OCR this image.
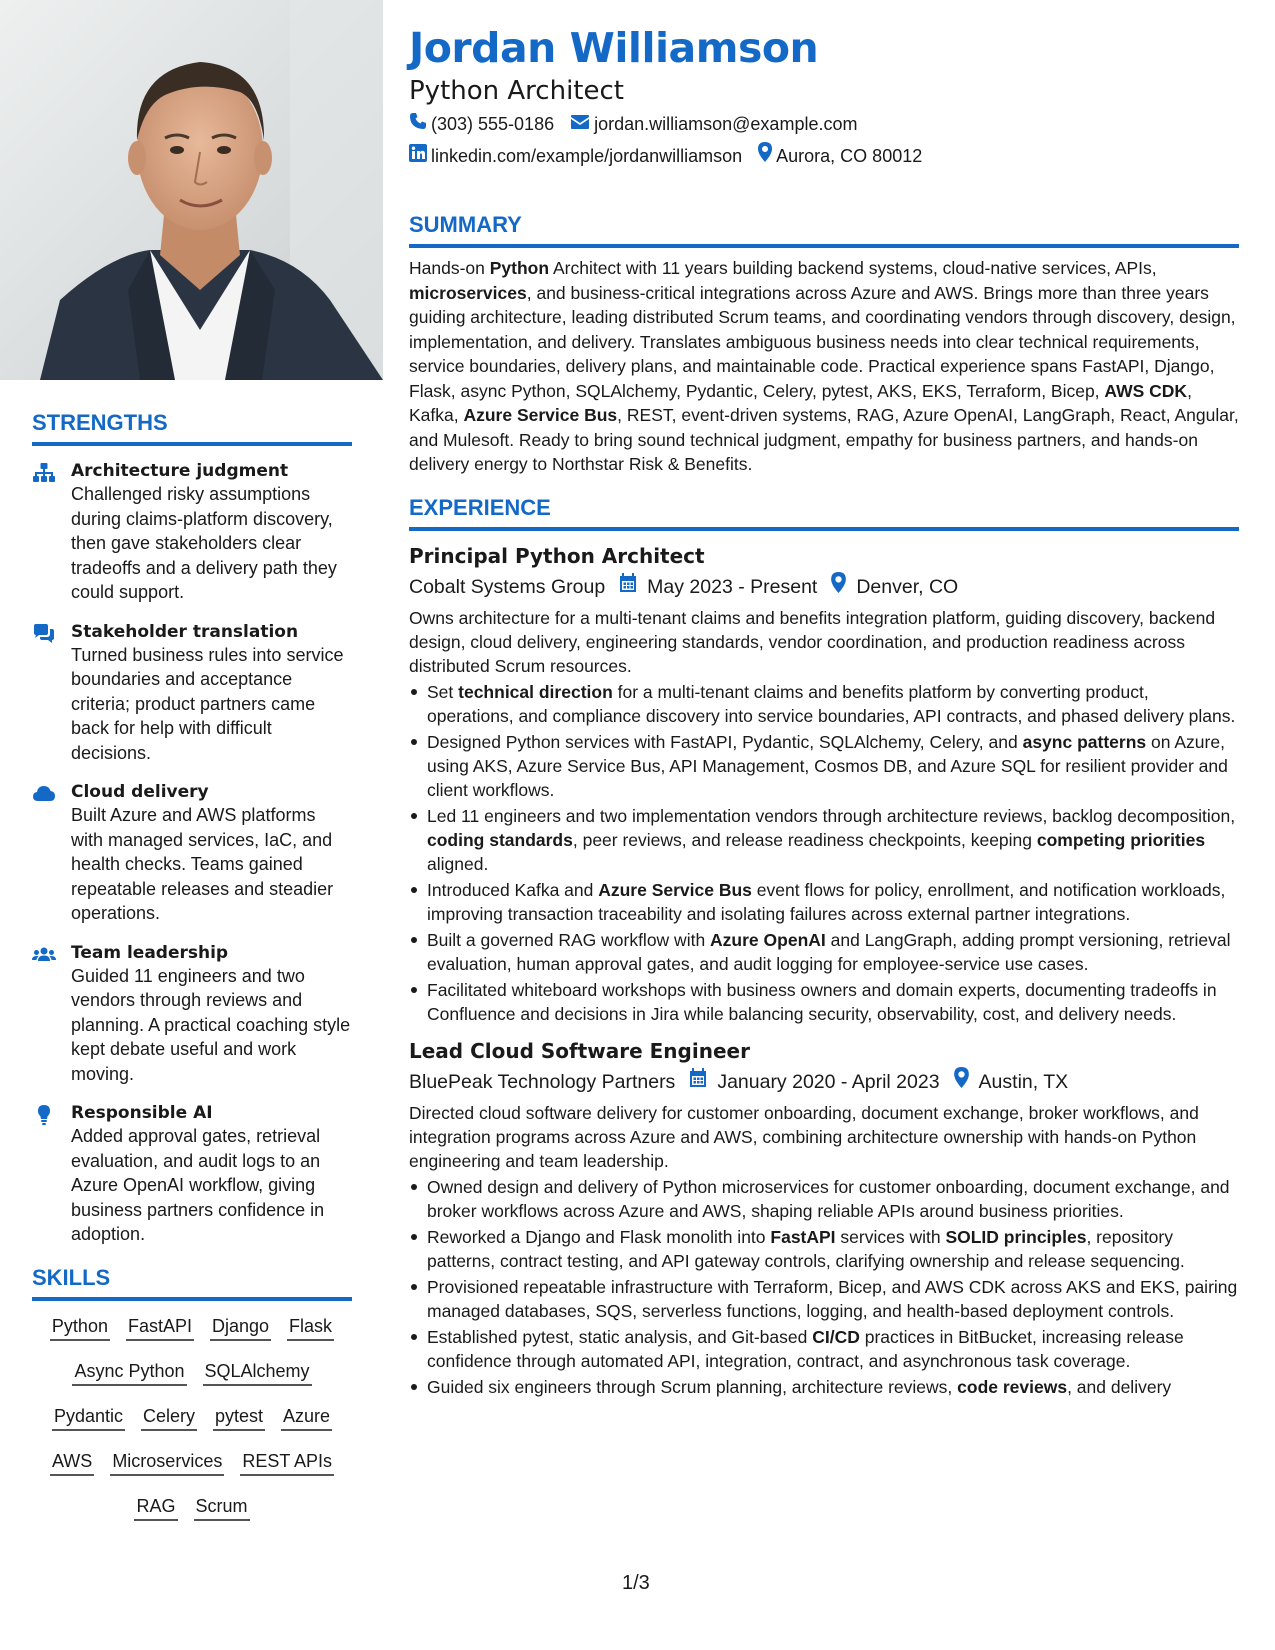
STRENGTHS
Architecture judgment
Challenged risky assumptions during claims-platform discovery, then gave stakeholders clear tradeoffs and a delivery path they could support.
Stakeholder translation
Turned business rules into service boundaries and acceptance criteria; product partners came back for help with difficult decisions.
Cloud delivery
Built Azure and AWS platforms with managed services, IaC, and health checks. Teams gained repeatable releases and steadier operations.
Team leadership
Guided 11 engineers and two vendors through reviews and planning. A practical coaching style kept debate useful and work moving.
Responsible AI
Added approval gates, retrieval evaluation, and audit logs to an Azure OpenAI workflow, giving business partners confidence in adoption.
SKILLS
Python FastAPI Django Flask
Async Python SQLAlchemy
Pydantic Celery pytest Azure
AWS Microservices REST APIs
RAG Scrum
Jordan Williamson
Python Architect
(303) 555-0186 jordan.williamson@example.com
linkedin.com/example/jordanwilliamson Aurora, CO 80012
SUMMARY
Hands-on Python Architect with 11 years building backend systems, cloud-native services, APIs, microservices, and business-critical integrations across Azure and AWS. Brings more than three years guiding architecture, leading distributed Scrum teams, and coordinating vendors through discovery, design, implementation, and delivery. Translates ambiguous business needs into clear technical requirements, service boundaries, delivery plans, and maintainable code. Practical experience spans FastAPI, Django, Flask, async Python, SQLAlchemy, Pydantic, Celery, pytest, AKS, EKS, Terraform, Bicep, AWS CDK, Kafka, Azure Service Bus, REST, event-driven systems, RAG, Azure OpenAI, LangGraph, React, Angular, and Mulesoft. Ready to bring sound technical judgment, empathy for business partners, and hands-on delivery energy to Northstar Risk & Benefits.
EXPERIENCE
Principal Python Architect
Cobalt Systems Group May 2023 - Present Denver, CO
Owns architecture for a multi-tenant claims and benefits integration platform, guiding discovery, backend design, cloud delivery, engineering standards, vendor coordination, and production readiness across distributed Scrum resources.
Set technical direction for a multi-tenant claims and benefits platform by converting product, operations, and compliance discovery into service boundaries, API contracts, and phased delivery plans.
Designed Python services with FastAPI, Pydantic, SQLAlchemy, Celery, and async patterns on Azure, using AKS, Azure Service Bus, API Management, Cosmos DB, and Azure SQL for resilient provider and client workflows.
Led 11 engineers and two implementation vendors through architecture reviews, backlog decomposition, coding standards, peer reviews, and release readiness checkpoints, keeping competing priorities aligned.
Introduced Kafka and Azure Service Bus event flows for policy, enrollment, and notification workloads, improving transaction traceability and isolating failures across external partner integrations.
Built a governed RAG workflow with Azure OpenAI and LangGraph, adding prompt versioning, retrieval evaluation, human approval gates, and audit logging for employee-service use cases.
Facilitated whiteboard workshops with business owners and domain experts, documenting tradeoffs in Confluence and decisions in Jira while balancing security, observability, cost, and delivery needs.
Lead Cloud Software Engineer
BluePeak Technology Partners January 2020 - April 2023 Austin, TX
Directed cloud software delivery for customer onboarding, document exchange, broker workflows, and integration programs across Azure and AWS, combining architecture ownership with hands-on Python engineering and team leadership.
Owned design and delivery of Python microservices for customer onboarding, document exchange, and broker workflows across Azure and AWS, shaping reliable APIs around business priorities.
Reworked a Django and Flask monolith into FastAPI services with SOLID principles, repository patterns, contract testing, and API gateway controls, clarifying ownership and release sequencing.
Provisioned repeatable infrastructure with Terraform, Bicep, and AWS CDK across AKS and EKS, pairing managed databases, SQS, serverless functions, logging, and health-based deployment controls.
Established pytest, static analysis, and Git-based CI/CD practices in BitBucket, increasing release confidence through automated API, integration, contract, and asynchronous task coverage.
Guided six engineers through Scrum planning, architecture reviews, code reviews, and delivery
1/3
